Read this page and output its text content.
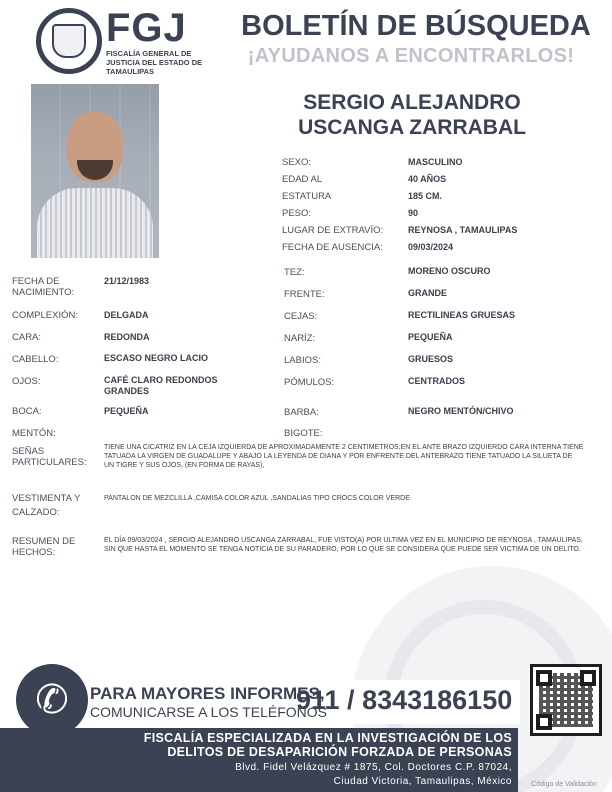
FGJ
FISCALÍA GENERAL DE JUSTICIA DEL ESTADO DE TAMAULIPAS
BOLETÍN DE BÚSQUEDA
¡AYUDANOS A ENCONTRARLOS!
SERGIO ALEJANDRO
USCANGA ZARRABAL
SEXO:	MASCULINO
EDAD AL	40 AÑOS
ESTATURA	185 CM.
PESO:	90
LUGAR DE EXTRAVÍO:	REYNOSA , TAMAULIPAS
FECHA DE AUSENCIA:	09/03/2024
FECHA DE NACIMIENTO:
21/12/1983
COMPLEXIÓN:	DELGADA
CARA:	REDONDA
CABELLO:	ESCASO NEGRO LACIO
OJOS:	CAFÉ CLARO REDONDOS GRANDES
BOCA:	PEQUEÑA
MENTÓN:
TEZ:	MORENO OSCURO
FRENTE:	GRANDE
CEJAS:	RECTILINEAS GRUESAS
NARÍZ:	PEQUEÑA
LABIOS:	GRUESOS
PÓMULOS:	CENTRADOS
BARBA:	NEGRO MENTÓN/CHIVO
BIGOTE:
SEÑAS PARTICULARES:
TIENE UNA CICATRIZ EN LA CEJA IZQUIERDA DE APROXIMADAMENTE 2 CENTIMETROS,EN EL ANTE BRAZO IZQUIERDO CARA INTERNA TIENE TATUADA LA VIRGEN DE GUADALUPE Y ABAJO LA LEYENDA DE DIANA Y POR ENFRENTE DEL ANTEBRAZO TIENE TATUADO LA SILUETA DE UN TIGRE Y SUS OJOS, (EN FORMA DE RAYAS),
VESTIMENTA Y CALZADO:
PANTALON DE MEZCLILLA ,CAMISA COLOR AZUL ,SANDALIAS TIPO CROCS COLOR VERDE
RESUMEN DE HECHOS:
EL DÍA 09/03/2024 , SERGIO ALEJANDRO USCANGA ZARRABAL, FUE VISTO(A) POR ULTIMA VEZ EN EL MUNICIPIO DE REYNOSA , TAMAULIPAS, SIN QUE HASTA EL MOMENTO SE TENGA NOTICIA DE SU PARADERO, POR LO QUE SE CONSIDERA QUE PUEDE SER VICTIMA DE UN DELITO.
✆	PARA MAYORES INFORMES,
COMUNICARSE A LOS TELÉFONOS
911 / 8343186150
FISCALÍA ESPECIALIZADA EN LA INVESTIGACIÓN DE LOS
DELITOS DE DESAPARICIÓN FORZADA DE PERSONAS
Blvd. Fidel Velázquez # 1875, Col. Doctores C.P. 87024,
Ciudad Victoria, Tamaulipas, México	Código de Validación
